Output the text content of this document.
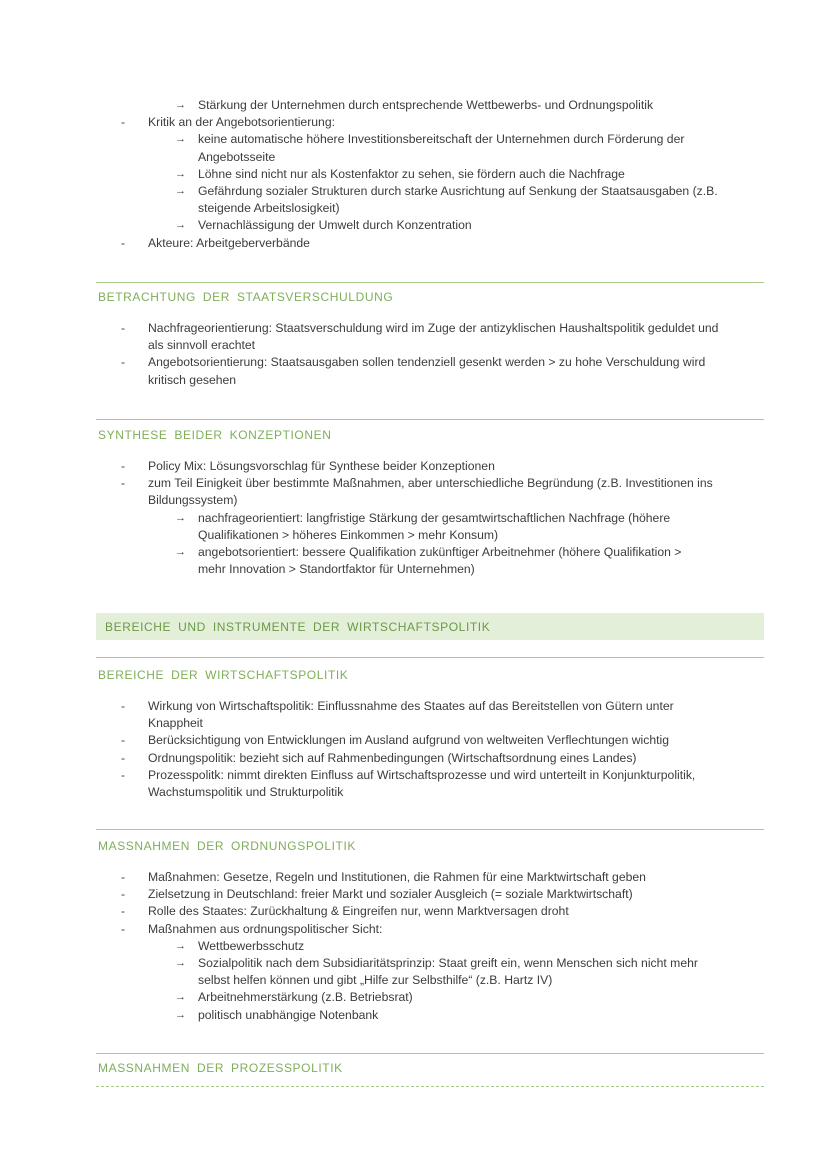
→ Stärkung der Unternehmen durch entsprechende Wettbewerbs- und Ordnungspolitik
- Kritik an der Angebotsorientierung:
→ keine automatische höhere Investitionsbereitschaft der Unternehmen durch Förderung der Angebotsseite
→ Löhne sind nicht nur als Kostenfaktor zu sehen, sie fördern auch die Nachfrage
→ Gefährdung sozialer Strukturen durch starke Ausrichtung auf Senkung der Staatsausgaben (z.B. steigende Arbeitslosigkeit)
→ Vernachlässigung der Umwelt durch Konzentration
- Akteure: Arbeitgeberverbände
BETRACHTUNG DER STAATSVERSCHULDUNG
- Nachfrageorientierung: Staatsverschuldung wird im Zuge der antizyklischen Haushaltspolitik geduldet und als sinnvoll erachtet
- Angebotsorientierung: Staatsausgaben sollen tendenziell gesenkt werden > zu hohe Verschuldung wird kritisch gesehen
SYNTHESE BEIDER KONZEPTIONEN
- Policy Mix: Lösungsvorschlag für Synthese beider Konzeptionen
- zum Teil Einigkeit über bestimmte Maßnahmen, aber unterschiedliche Begründung (z.B. Investitionen ins Bildungssystem)
→ nachfrageorientiert: langfristige Stärkung der gesamtwirtschaftlichen Nachfrage (höhere Qualifikationen > höheres Einkommen > mehr Konsum)
→ angebotsorientiert: bessere Qualifikation zukünftiger Arbeitnehmer (höhere Qualifikation > mehr Innovation > Standortfaktor für Unternehmen)
BEREICHE UND INSTRUMENTE DER WIRTSCHAFTSPOLITIK
BEREICHE DER WIRTSCHAFTSPOLITIK
- Wirkung von Wirtschaftspolitik: Einflussnahme des Staates auf das Bereitstellen von Gütern unter Knappheit
- Berücksichtigung von Entwicklungen im Ausland aufgrund von weltweiten Verflechtungen wichtig
- Ordnungspolitik: bezieht sich auf Rahmenbedingungen (Wirtschaftsordnung eines Landes)
- Prozesspolitk: nimmt direkten Einfluss auf Wirtschaftsprozesse und wird unterteilt in Konjunkturpolitik, Wachstumspolitik und Strukturpolitik
MASSNAHMEN DER ORDNUNGSPOLITIK
- Maßnahmen: Gesetze, Regeln und Institutionen, die Rahmen für eine Marktwirtschaft geben
- Zielsetzung in Deutschland: freier Markt und sozialer Ausgleich (= soziale Marktwirtschaft)
- Rolle des Staates: Zurückhaltung & Eingreifen nur, wenn Marktversagen droht
- Maßnahmen aus ordnungspolitischer Sicht:
→ Wettbewerbsschutz
→ Sozialpolitik nach dem Subsidiaritätsprinzip: Staat greift ein, wenn Menschen sich nicht mehr selbst helfen können und gibt „Hilfe zur Selbsthilfe“ (z.B. Hartz IV)
→ Arbeitnehmerstärkung (z.B. Betriebsrat)
→ politisch unabhängige Notenbank
MASSNAHMEN DER PROZESSPOLITIK
